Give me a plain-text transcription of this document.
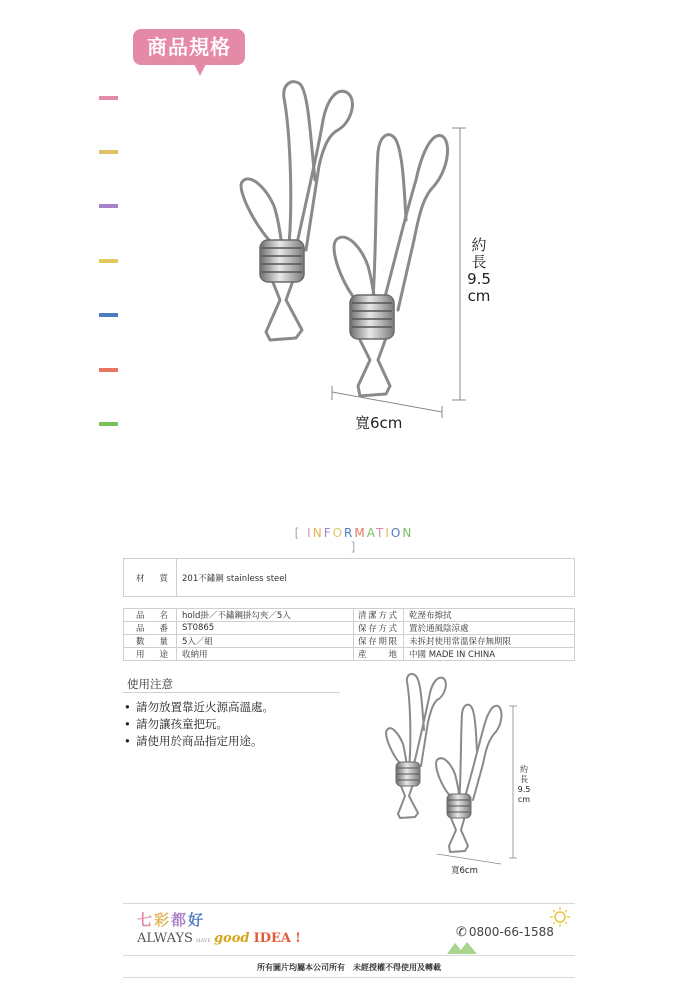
商品規格
約
長
9.5
cm
寬6cm
[ INFORMATION ]
材　質	201不鏽鋼 stainless steel		

品　名	hold掛／不鏽鋼掛勾夾／5入	清潔方式	乾溼布擦拭
品　番	ST0865	保存方式	置於通風陰涼處
數　量	5入／組	保存期限	未拆封使用常溫保存無期限
用　途	收納用	產　地	中國 MADE IN CHINA
使用注意
• 請勿放置靠近火源高溫處。
• 請勿讓孩童把玩。
• 請使用於商品指定用途。
約
長
9.5
cm
寬6cm
七彩都好
ALWAYS HAVE good IDEA !	✆ 0800-66-1588
所有圖片均屬本公司所有　未經授權不得使用及轉載
